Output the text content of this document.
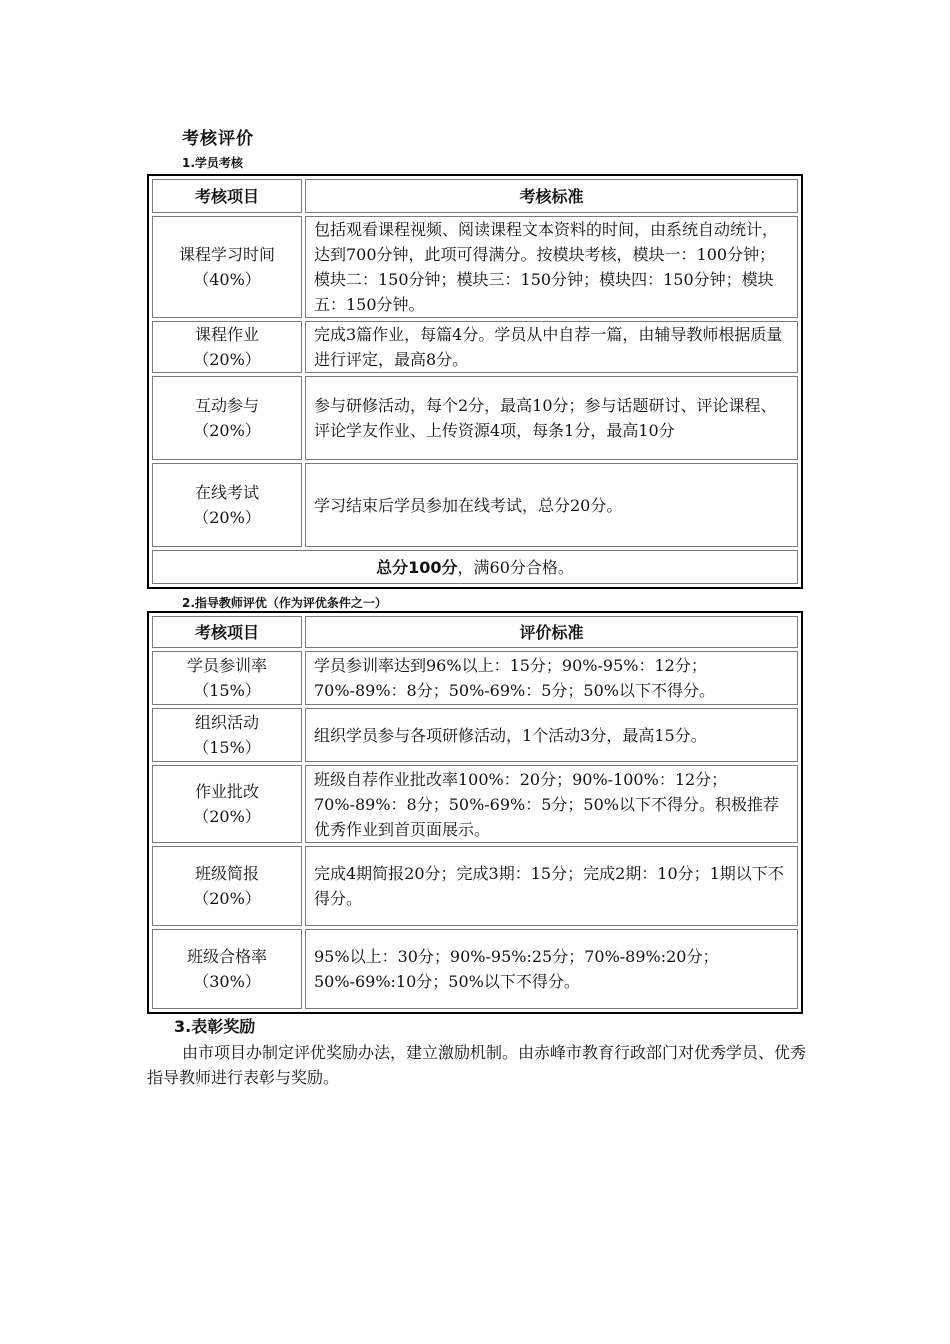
考核评价
1.学员考核
考核项目	考核标准

课程学习时间
（40%）	包括观看课程视频、阅读课程文本资料的时间，由系统自动统计，达到700分钟，此项可得满分。按模块考核，模块一：100分钟；模块二：150分钟；模块三：150分钟；模块四：150分钟；模块五：150分钟。

课程作业
（20%）	完成3篇作业，每篇4分。学员从中自荐一篇，由辅导教师根据质量进行评定，最高8分。

互动参与
（20%）	参与研修活动，每个2分，最高10分；参与话题研讨、评论课程、评论学友作业、上传资源4项，每条1分，最高10分

在线考试
（20%）	学习结束后学员参加在线考试，总分20分。
总分100分，满60分合格。	
2.指导教师评优（作为评优条件之一）
考核项目	评价标准

学员参训率
（15%）	学员参训率达到96%以上：15分；90%-95%：12分；70%-89%：8分；50%-69%：5分；50%以下不得分。

组织活动
（15%）	组织学员参与各项研修活动，1个活动3分，最高15分。

作业批改
（20%）	班级自荐作业批改率100%：20分；90%-100%：12分；70%-89%：8分；50%-69%：5分；50%以下不得分。积极推荐优秀作业到首页面展示。

班级简报
（20%）	完成4期简报20分；完成3期：15分；完成2期：10分；1期以下不得分。

班级合格率
（30%）	95%以上：30分；90%-95%:25分；70%-89%:20分；50%-69%:10分；50%以下不得分。
3.表彰奖励

由市项目办制定评优奖励办法，建立激励机制。由赤峰市教育行政部门对优秀学员、优秀指导教师进行表彰与奖励。
